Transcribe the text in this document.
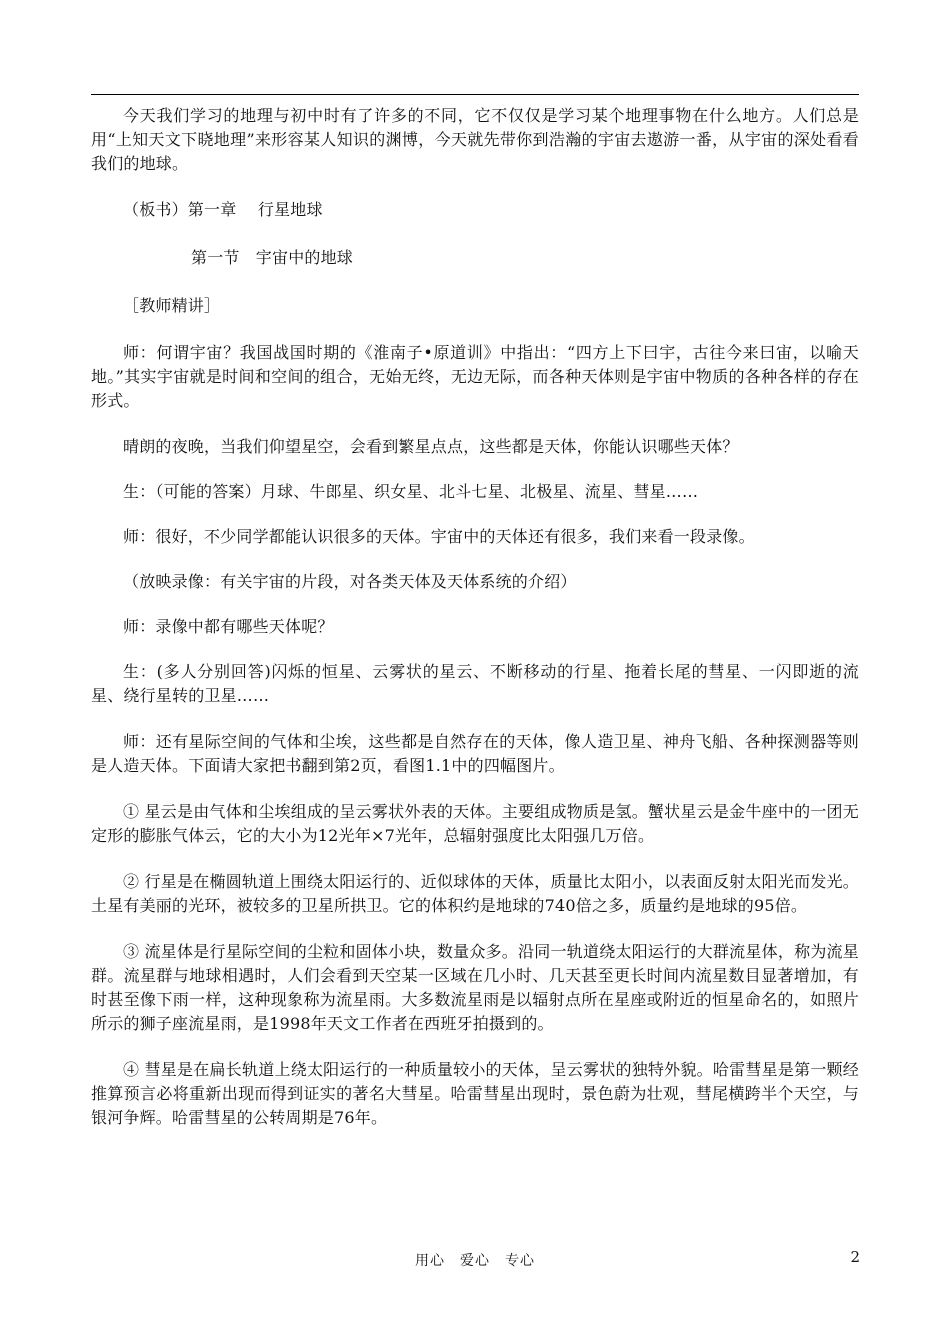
今天我们学习的地理与初中时有了许多的不同，它不仅仅是学习某个地理事物在什么地方。人们总是用“上知天文下晓地理”来形容某人知识的渊博，今天就先带你到浩瀚的宇宙去遨游一番，从宇宙的深处看看我们的地球。

（板书）第一章　 行星地球

第一节　宇宙中的地球

［教师精讲］

师：何谓宇宙？我国战国时期的《淮南子•原道训》中指出：“四方上下曰宇，古往今来曰宙，以喻天地。”其实宇宙就是时间和空间的组合，无始无终，无边无际，而各种天体则是宇宙中物质的各种各样的存在形式。

晴朗的夜晚，当我们仰望星空，会看到繁星点点，这些都是天体，你能认识哪些天体？

生：（可能的答案）月球、牛郎星、织女星、北斗七星、北极星、流星、彗星……

师：很好，不少同学都能认识很多的天体。宇宙中的天体还有很多，我们来看一段录像。

（放映录像：有关宇宙的片段，对各类天体及天体系统的介绍）

师：录像中都有哪些天体呢？

生：(多人分别回答)闪烁的恒星、云雾状的星云、不断移动的行星、拖着长尾的彗星、一闪即逝的流星、绕行星转的卫星……

师：还有星际空间的气体和尘埃，这些都是自然存在的天体，像人造卫星、神舟飞船、各种探测器等则是人造天体。下面请大家把书翻到第2页，看图1.1中的四幅图片。

① 星云是由气体和尘埃组成的呈云雾状外表的天体。主要组成物质是氢。蟹状星云是金牛座中的一团无定形的膨胀气体云，它的大小为12光年×7光年，总辐射强度比太阳强几万倍。

② 行星是在椭圆轨道上围绕太阳运行的、近似球体的天体，质量比太阳小，以表面反射太阳光而发光。土星有美丽的光环，被较多的卫星所拱卫。它的体积约是地球的740倍之多，质量约是地球的95倍。

③ 流星体是行星际空间的尘粒和固体小块，数量众多。沿同一轨道绕太阳运行的大群流星体，称为流星群。流星群与地球相遇时，人们会看到天空某一区域在几小时、几天甚至更长时间内流星数目显著增加，有时甚至像下雨一样，这种现象称为流星雨。大多数流星雨是以辐射点所在星座或附近的恒星命名的，如照片所示的狮子座流星雨，是1998年天文工作者在西班牙拍摄到的。

④ 彗星是在扁长轨道上绕太阳运行的一种质量较小的天体，呈云雾状的独特外貌。哈雷彗星是第一颗经推算预言必将重新出现而得到证实的著名大彗星。哈雷彗星出现时，景色蔚为壮观，彗尾横跨半个天空，与银河争辉。哈雷彗星的公转周期是76年。

用心　爱心　专心	2
